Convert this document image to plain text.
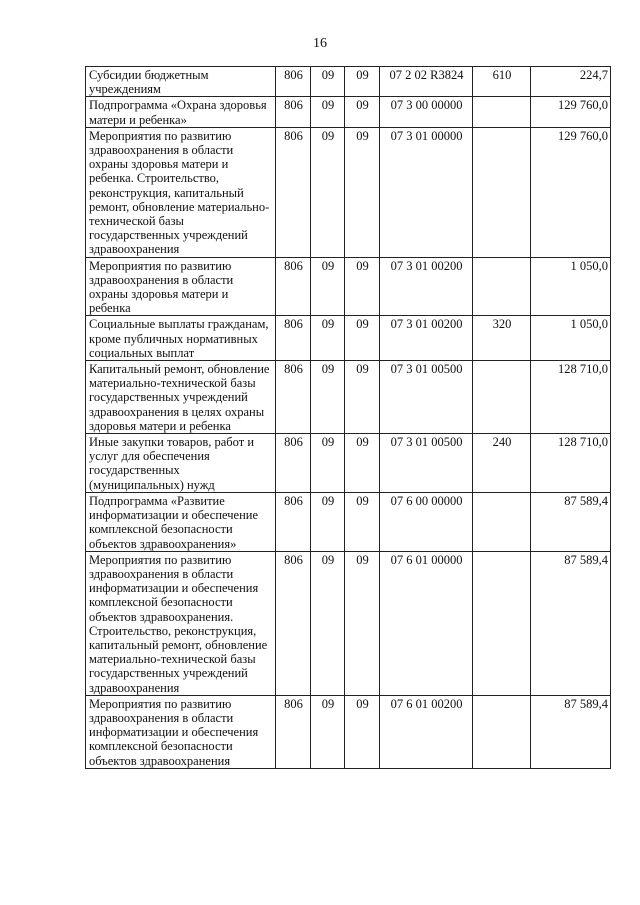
16
Субсидии бюджетным учреждениям	806	09	09	07 2 02 R3824	610	224,7
Подпрограмма «Охрана здоровья матери и ребенка»	806	09	09	07 3 00 00000		129 760,0
Мероприятия по развитию здравоохранения в области охраны здоровья матери и ребенка. Строительство, реконструкция, капитальный ремонт, обновление материально-технической базы государственных учреждений здравоохранения	806	09	09	07 3 01 00000		129 760,0
Мероприятия по развитию здравоохранения в области охраны здоровья матери и ребенка	806	09	09	07 3 01 00200		1 050,0
Социальные выплаты гражданам, кроме публичных нормативных социальных выплат	806	09	09	07 3 01 00200	320	1 050,0
Капитальный ремонт, обновление материально-технической базы государственных учреждений здравоохранения в целях охраны здоровья матери и ребенка	806	09	09	07 3 01 00500		128 710,0
Иные закупки товаров, работ и услуг для обеспечения государственных (муниципальных) нужд	806	09	09	07 3 01 00500	240	128 710,0
Подпрограмма «Развитие информатизации и обеспечение комплексной безопасности объектов здравоохранения»	806	09	09	07 6 00 00000		87 589,4
Мероприятия по развитию здравоохранения в области информатизации и обеспечения комплексной безопасности объектов здравоохранения. Строительство, реконструкция, капитальный ремонт, обновление материально-технической базы государственных учреждений здравоохранения	806	09	09	07 6 01 00000		87 589,4
Мероприятия по развитию здравоохранения в области информатизации и обеспечения комплексной безопасности объектов здравоохранения	806	09	09	07 6 01 00200		87 589,4
